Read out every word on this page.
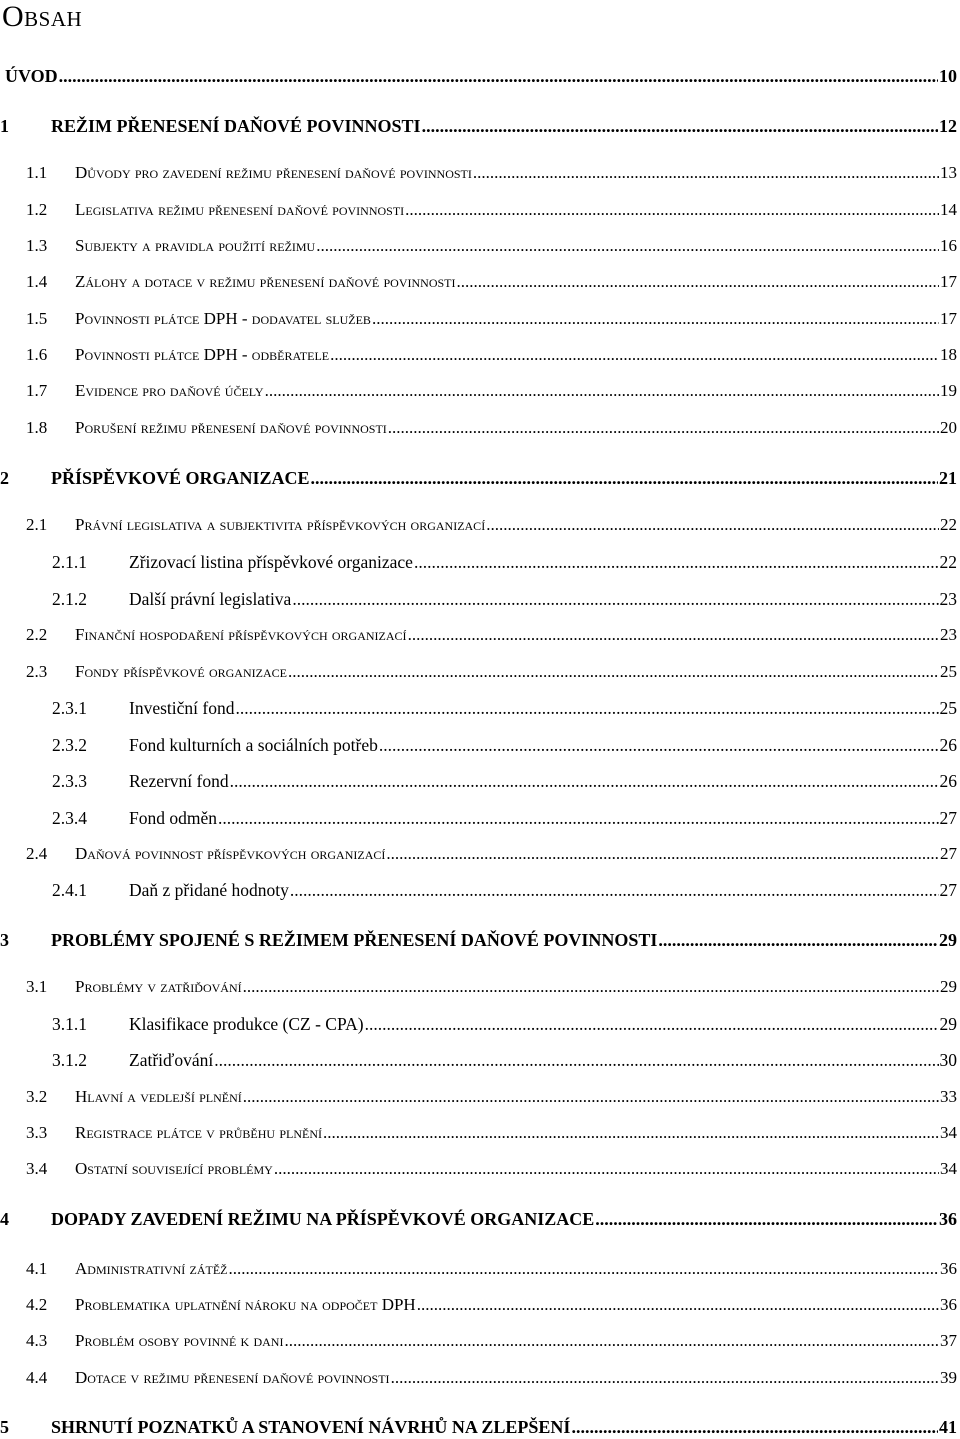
Obsah
ÚVOD .....	10
1	REŽIM PŘENESENÍ DAŇOVÉ POVINNOSTI .....	12
1.1	Důvody pro zavedení režimu přenesení daňové povinnosti .....	13
1.2	Legislativa režimu přenesení daňové povinnosti .....	14
1.3	Subjekty a pravidla použití režimu .....	16
1.4	Zálohy a dotace v režimu přenesení daňové povinnosti .....	17
1.5	Povinnosti plátce DPH - dodavatel služeb .....	17
1.6	Povinnosti plátce DPH - odběratele .....	18
1.7	Evidence pro daňové účely .....	19
1.8	Porušení režimu přenesení daňové povinnosti .....	20
2	PŘÍSPĚVKOVÉ ORGANIZACE .....	21
2.1	Právní legislativa a subjektivita příspěvkových organizací .....	22
2.1.1	Zřizovací listina příspěvkové organizace .....	22
2.1.2	Další právní legislativa .....	23
2.2	Finanční hospodaření příspěvkových organizací .....	23
2.3	Fondy příspěvkové organizace .....	25
2.3.1	Investiční fond .....	25
2.3.2	Fond kulturních a sociálních potřeb .....	26
2.3.3	Rezervní fond .....	26
2.3.4	Fond odměn .....	27
2.4	Daňová povinnost příspěvkových organizací .....	27
2.4.1	Daň z přidané hodnoty .....	27
3	PROBLÉMY SPOJENÉ S REŽIMEM PŘENESENÍ DAŇOVÉ POVINNOSTI .....	29
3.1	Problémy v zatřiďování .....	29
3.1.1	Klasifikace produkce (CZ - CPA) .....	29
3.1.2	Zatřiďování .....	30
3.2	Hlavní a vedlejší plnění .....	33
3.3	Registrace plátce v průběhu plnění .....	34
3.4	Ostatní související problémy .....	34
4	DOPADY ZAVEDENÍ REŽIMU NA PŘÍSPĚVKOVÉ ORGANIZACE .....	36
4.1	Administrativní zátěž .....	36
4.2	Problematika uplatnění nároku na odpočet DPH .....	36
4.3	Problém osoby povinné k dani .....	37
4.4	Dotace v režimu přenesení daňové povinnosti .....	39
5	SHRNUTÍ POZNATKŮ A STANOVENÍ NÁVRHŮ NA ZLEPŠENÍ .....	41
